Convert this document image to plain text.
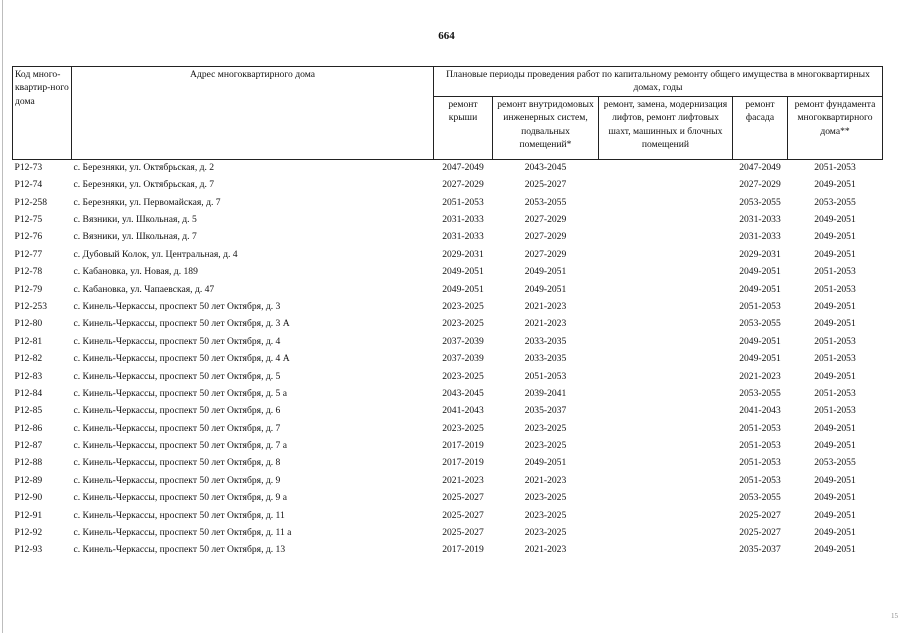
664
Код много-квартир-ного дома	Адрес многоквартирного дома	Плановые периоды проведения работ по капитальному ремонту общего имущества в многоквартирных домах, годы				
		ремонт крыши	ремонт внутридомовых инженерных систем, подвальных помещений*	ремонт, замена, модернизация лифтов, ремонт лифтовых шахт, машинных и блочных помещений	ремонт фасада	ремонт фундамента многоквартирного дома**
Р12-73	с. Березняки, ул. Октябрьская, д. 2	2047-2049	2043-2045		2047-2049	2051-2053
Р12-74	с. Березняки, ул. Октябрьская, д. 7	2027-2029	2025-2027		2027-2029	2049-2051
Р12-258	с. Березняки, ул. Первомайская, д. 7	2051-2053	2053-2055		2053-2055	2053-2055
Р12-75	с. Вязники, ул. Школьная, д. 5	2031-2033	2027-2029		2031-2033	2049-2051
Р12-76	с. Вязники, ул. Школьная, д. 7	2031-2033	2027-2029		2031-2033	2049-2051
Р12-77	с. Дубовый Колок, ул. Центральная, д. 4	2029-2031	2027-2029		2029-2031	2049-2051
Р12-78	с. Кабановка, ул. Новая, д. 189	2049-2051	2049-2051		2049-2051	2051-2053
Р12-79	с. Кабановка, ул. Чапаевская, д. 47	2049-2051	2049-2051		2049-2051	2051-2053
Р12-253	с. Кинель-Черкассы, проспект 50 лет Октября, д. 3	2023-2025	2021-2023		2051-2053	2049-2051
Р12-80	с. Кинель-Черкассы, проспект 50 лет Октября, д. 3 А	2023-2025	2021-2023		2053-2055	2049-2051
Р12-81	с. Кинель-Черкассы, проспект 50 лет Октября, д. 4	2037-2039	2033-2035		2049-2051	2051-2053
Р12-82	с. Кинель-Черкассы, проспект 50 лет Октября, д. 4 А	2037-2039	2033-2035		2049-2051	2051-2053
Р12-83	с. Кинель-Черкассы, проспект 50 лет Октября, д. 5	2023-2025	2051-2053		2021-2023	2049-2051
Р12-84	с. Кинель-Черкассы, проспект 50 лет Октября, д. 5 а	2043-2045	2039-2041		2053-2055	2051-2053
Р12-85	с. Кинель-Черкассы, проспект 50 лет Октября, д. 6	2041-2043	2035-2037		2041-2043	2051-2053
Р12-86	с. Кинель-Черкассы, проспект 50 лет Октября, д. 7	2023-2025	2023-2025		2051-2053	2049-2051
Р12-87	с. Кинель-Черкассы, проспект 50 лет Октября, д. 7 а	2017-2019	2023-2025		2051-2053	2049-2051
Р12-88	с. Кинель-Черкассы, проспект 50 лет Октября, д. 8	2017-2019	2049-2051		2051-2053	2053-2055
Р12-89	с. Кинель-Черкассы, проспект 50 лет Октября, д. 9	2021-2023	2021-2023		2051-2053	2049-2051
Р12-90	с. Кинель-Черкассы, проспект 50 лет Октября, д. 9 а	2025-2027	2023-2025		2053-2055	2049-2051
Р12-91	с. Кинель-Черкассы, нроспект 50 лет Октября, д. 11	2025-2027	2023-2025		2025-2027	2049-2051
Р12-92	с. Кинель-Черкассы, проспект 50 лет Октября, д. 11 а	2025-2027	2023-2025		2025-2027	2049-2051
Р12-93	с. Кинель-Черкассы, проспект 50 лет Октября, д. 13	2017-2019	2021-2023		2035-2037	2049-2051
15
